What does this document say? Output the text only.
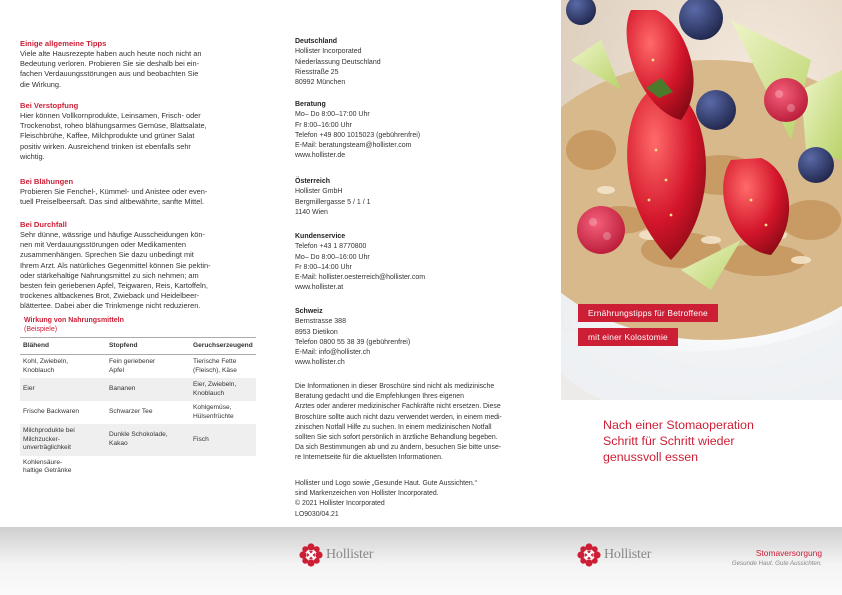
Einige allgemeine Tipps

Viele alte Hausrezepte haben auch heute noch nicht an

Bedeutung verloren. Probieren Sie sie deshalb bei ein-

fachen Verdauungsstörungen aus und beobachten Sie

die Wirkung.

Bei Verstopfung

Hier können Vollkornprodukte, Leinsamen, Frisch- oder

Trockenobst, roheo blähungsarmes Gemüse, Blattsalate,

Fleischbrühe, Kaffee, Milchprodukte und grüner Salat

positiv wirken. Ausreichend trinken ist ebenfalls sehr

wichtig.

Bei Blähungen

Probieren Sie Fenchel-, Kümmel- und Anistee oder even-

tuell Preiselbeersaft. Das sind altbewährte, sanfte Mittel.

Bei Durchfall

Sehr dünne, wässrige und häufige Ausscheidungen kön-

nen mit Verdauungsstörungen oder Medikamenten

zusammenhängen. Sprechen Sie dazu unbedingt mit

Ihrem Arzt. Als natürliches Gegenmittel können Sie pektin-

oder stärkehaltige Nahrungsmittel zu sich nehmen; am

besten fein geriebenen Apfel, Teigwaren, Reis, Kartoffeln,

trockenes altbackenes Brot, Zwieback und Heidelbeer-

blättertee. Dabei aber die Trinkmenge nicht reduzieren.

Wirkung von Nahrungsmitteln
(Beispiele)
Blähend	Stopfend	Geruchserzeugend

Kohl, Zwiebeln,
Knoblauch	Fein geriebener
Apfel	Tierische Fette
(Fleisch), Käse

Eier	Bananen	Eier, Zwiebeln,
Knoblauch

Frische Backwaren	Schwarzer Tee	Kohlgemüse,
Hülsenfrüchte

Milchprodukte bei
Milchzucker-
unverträglichkeit	Dunkle Schokolade,
Kakao	Fisch

Kohlensäure-
haltige Getränke		

Deutschland

Hollister Incorporated

Niederlassung Deutschland

Riesstraße 25

80992 München

Beratung

Mo– Do 8:00–17:00 Uhr

Fr 8:00–16:00 Uhr

Telefon +49 800 1015023 (gebührenfrei)

E-Mail: beratungsteam@hollister.com

www.hollister.de

Österreich

Hollister GmbH

Bergmillergasse 5 / 1 / 1

1140 Wien

Kundenservice

Telefon +43 1 8770800

Mo– Do 8:00–16:00 Uhr

Fr 8:00–14:00 Uhr

E-Mail: hollister.oesterreich@hollister.com

www.hollister.at

Schweiz

Bernstrasse 388

8953 Dietikon

Telefon 0800 55 38 39 (gebührenfrei)

E-Mail: info@hollister.ch

www.hollister.ch

Die Informationen in dieser Broschüre sind nicht als medizinische

Beratung gedacht und die Empfehlungen Ihres eigenen

Arztes oder anderer medizinischer Fachkräfte nicht ersetzen. Diese

Broschüre sollte auch nicht dazu verwendet werden, in einem medi-

zinischen Notfall Hilfe zu suchen. In einem medizinischen Notfall

sollten Sie sich sofort persönlich in ärztliche Behandlung begeben.

Da sich Bestimmungen ab und zu ändern, besuchen Sie bitte unse-

re Internetseite für die aktuellsten Informationen.

Hollister und Logo sowie „Gesunde Haut. Gute Aussichten.“

sind Markenzeichen von Hollister Incorporated.

© 2021 Hollister Incorporated

LO9030/04.21

Hollister
Ernährungstipps für Betroffene
mit einer Kolostomie

Nach einer Stomaoperation

Schritt für Schritt wieder

genussvoll essen

Hollister	Stomaversorgung
Gesunde Haut. Gute Aussichten.
